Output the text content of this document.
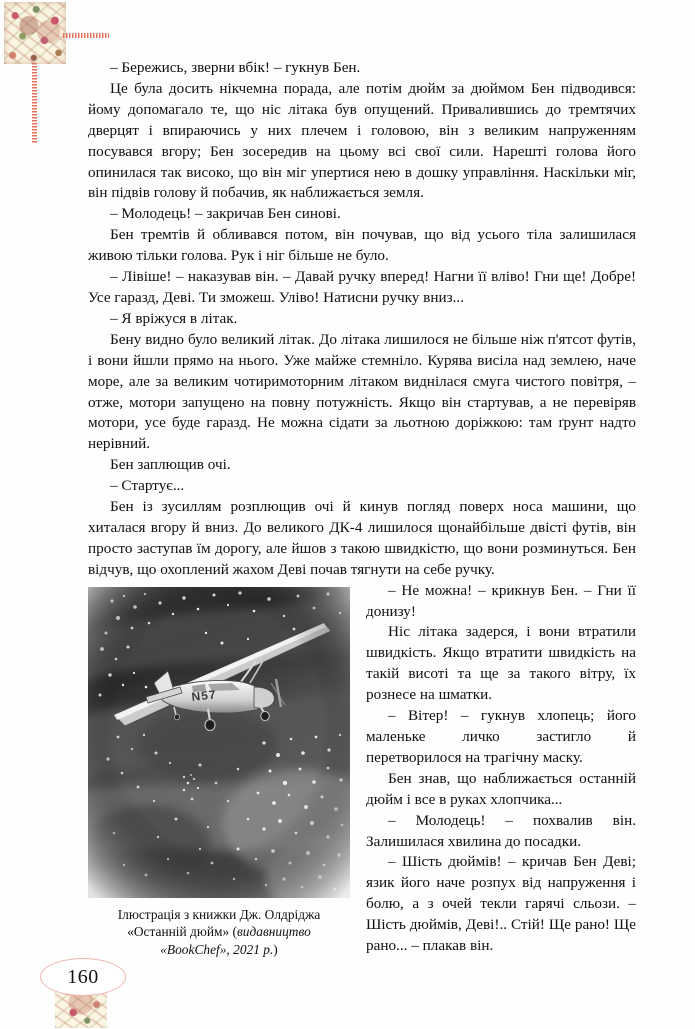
– Бережись, зверни вбік! – гукнув Бен.

Це була досить нікчемна порада, але потім дюйм за дюймом Бен підводився: йому допомагало те, що ніс літака був опущений. Привалившись до тремтячих дверцят і впираючись у них плечем і головою, він з великим напруженням посувався вгору; Бен зосередив на цьому всі свої сили. Нарешті голова його опинилася так високо, що він міг упертися нею в дошку управління. Наскільки міг, він підвів голову й побачив, як наближається земля.

– Молодець! – закричав Бен синові.

Бен тремтів й обливався потом, він почував, що від усього тіла залишилася живою тільки голова. Рук і ніг більше не було.

– Лівіше! – наказував він. – Давай ручку вперед! Нагни її вліво! Гни ще! Добре! Усе гаразд, Деві. Ти зможеш. Уліво! Натисни ручку вниз...

– Я вріжуся в літак.

Бену видно було великий літак. До літака лишилося не більше ніж п'ятсот футів, і вони йшли прямо на нього. Уже майже стемніло. Курява висіла над землею, наче море, але за великим чотиримоторним літаком виднілася смуга чистого повітря, – отже, мотори запущено на повну потужність. Якщо він стартував, а не перевіряв мотори, усе буде гаразд. Не можна сідати за льотною доріжкою: там ґрунт надто нерівний.

Бен заплющив очі.

– Стартує...

Бен із зусиллям розплющив очі й кинув погляд поверх носа машини, що хиталася вгору й вниз. До великого ДК-4 лишилося щонайбільше двісті футів, він просто заступав їм дорогу, але йшов з такою швидкістю, що вони розминуться. Бен відчув, що охоплений жахом Деві почав тягнути на себе ручку.

Ілюстрація з книжки Дж. Олдріджа
«Останній дюйм» (видавництво
«BookChef», 2021 р.)

– Не можна! – крикнув Бен. – Гни її донизу!

Ніс літака задерся, і вони втратили швидкість. Якщо втратити швидкість на такій висоті та ще за такого вітру, їх рознесе на шматки.

– Вітер! – гукнув хлопець; його маленьке личко застигло й перетворилося на трагічну маску.

Бен знав, що наближається останній дюйм і все в руках хлопчика...

– Молодець! – похвалив він. Залишилася хвилина до посадки.

– Шість дюймів! – кричав Бен Деві; язик його наче розпух від напруження і болю, а з очей текли гарячі сльози. – Шість дюймів, Деві!.. Стій! Ще рано! Ще рано... – плакав він.

160
